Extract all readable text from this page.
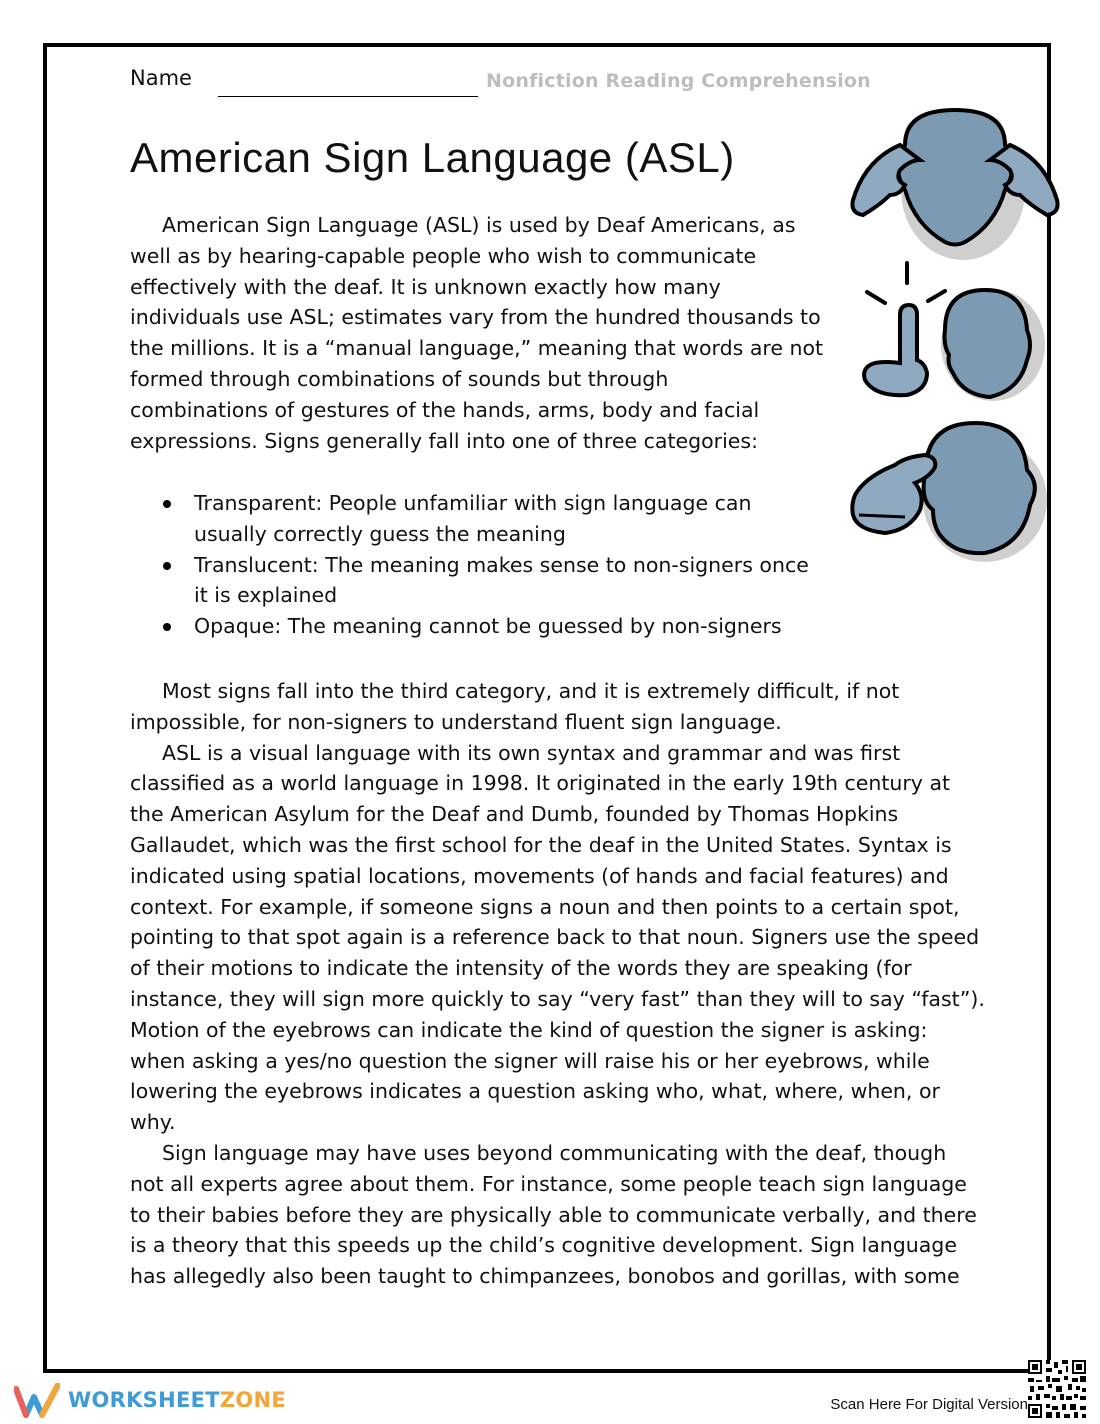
Name	Nonfiction Reading Comprehension
American Sign Language (ASL)
American Sign Language (ASL) is used by Deaf Americans, as
well as by hearing-capable people who wish to communicate
effectively with the deaf. It is unknown exactly how many
individuals use ASL; estimates vary from the hundred thousands to
the millions. It is a “manual language,” meaning that words are not
formed through combinations of sounds but through
combinations of gestures of the hands, arms, body and facial
expressions. Signs generally fall into one of three categories:
Transparent: People unfamiliar with sign language can
usually correctly guess the meaning
Translucent: The meaning makes sense to non-signers once
it is explained
Opaque: The meaning cannot be guessed by non-signers
Most signs fall into the third category, and it is extremely difficult, if not
impossible, for non-signers to understand fluent sign language.
ASL is a visual language with its own syntax and grammar and was first
classified as a world language in 1998. It originated in the early 19th century at
the American Asylum for the Deaf and Dumb, founded by Thomas Hopkins
Gallaudet, which was the first school for the deaf in the United States. Syntax is
indicated using spatial locations, movements (of hands and facial features) and
context. For example, if someone signs a noun and then points to a certain spot,
pointing to that spot again is a reference back to that noun. Signers use the speed
of their motions to indicate the intensity of the words they are speaking (for
instance, they will sign more quickly to say “very fast” than they will to say “fast”).
Motion of the eyebrows can indicate the kind of question the signer is asking:
when asking a yes/no question the signer will raise his or her eyebrows, while
lowering the eyebrows indicates a question asking who, what, where, when, or
why.
Sign language may have uses beyond communicating with the deaf, though
not all experts agree about them. For instance, some people teach sign language
to their babies before they are physically able to communicate verbally, and there
is a theory that this speeds up the child’s cognitive development. Sign language
has allegedly also been taught to chimpanzees, bonobos and gorillas, with some
WORKSHEETZONE	Scan Here For Digital Version
